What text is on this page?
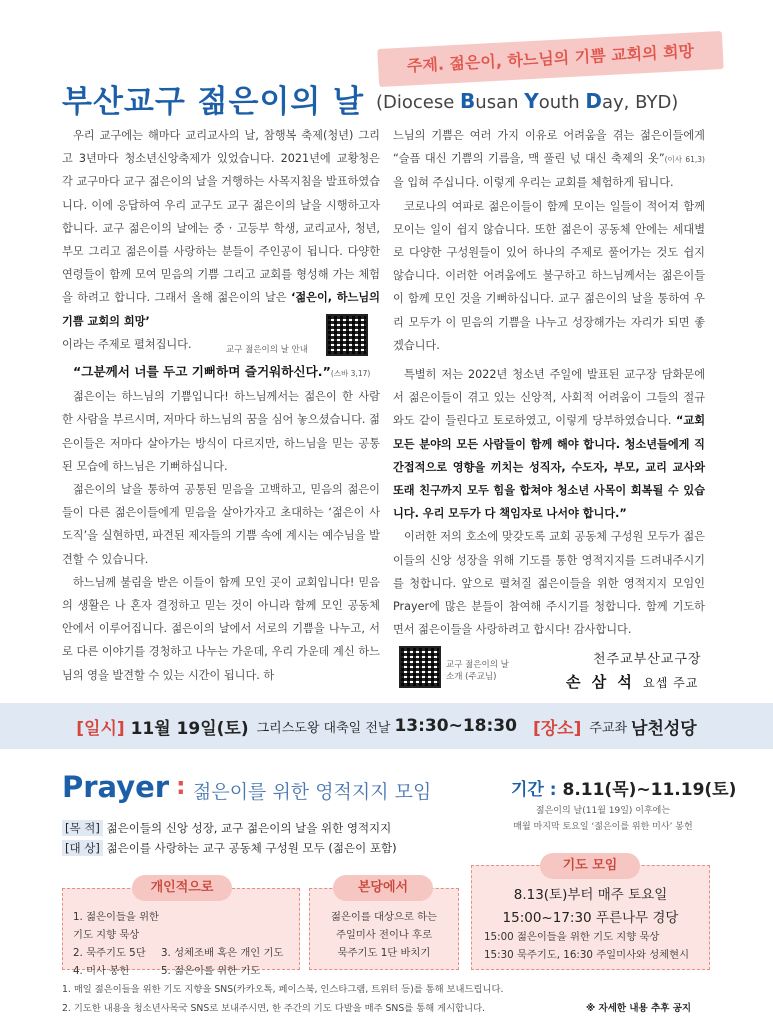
주제. 젊은이, 하느님의 기쁨 교회의 희망
부산교구 젊은이의 날 (Diocese Busan Youth Day, BYD)

우리 교구에는 해마다 교리교사의 날, 참행복 축제(청년) 그리고 3년마다 청소년신앙축제가 있었습니다. 2021년에 교황청은 각 교구마다 교구 젊은이의 날을 거행하는 사목지침을 발표하였습니다. 이에 응답하여 우리 교구도 교구 젊은이의 날을 시행하고자 합니다. 교구 젊은이의 날에는 중 · 고등부 학생, 교리교사, 청년, 부모 그리고 젊은이를 사랑하는 분들이 주인공이 됩니다. 다양한 연령들이 함께 모여 믿음의 기쁨 그리고 교회를 형성해 가는 체험을 하려고 합니다. 그래서 올해 젊은이의 날은 ‘젊은이, 하느님의 기쁨 교회의 희망’
이라는 주제로 펼쳐집니다.

“그분께서 너를 두고 기뻐하며 즐거워하신다.”(스바 3,17)

젊은이는 하느님의 기쁨입니다! 하느님께서는 젊은이 한 사람 한 사람을 부르시며, 저마다 하느님의 꿈을 심어 놓으셨습니다. 젊은이들은 저마다 살아가는 방식이 다르지만, 하느님을 믿는 공통된 모습에 하느님은 기뻐하십니다.

젊은이의 날을 통하여 공통된 믿음을 고백하고, 믿음의 젊은이들이 다른 젊은이들에게 믿음을 살아가자고 초대하는 ‘젊은이 사도직’을 실현하면, 파견된 제자들의 기쁨 속에 계시는 예수님을 발견할 수 있습니다.

하느님께 불림을 받은 이들이 함께 모인 곳이 교회입니다! 믿음의 생활은 나 혼자 결정하고 믿는 것이 아니라 함께 모인 공동체 안에서 이루어집니다. 젊은이의 날에서 서로의 기쁨을 나누고, 서로 다른 이야기를 경청하고 나누는 가운데, 우리 가운데 계신 하느님의 영을 발견할 수 있는 시간이 됩니다. 하

교구 젊은이의 날 안내

느님의 기쁨은 여러 가지 이유로 어려움을 겪는 젊은이들에게 “슬픔 대신 기쁨의 기름을, 맥 풀린 넋 대신 축제의 옷”(이사 61,3)을 입혀 주십니다. 이렇게 우리는 교회를 체험하게 됩니다.

코로나의 여파로 젊은이들이 함께 모이는 일들이 적어져 함께 모이는 일이 쉽지 않습니다. 또한 젊은이 공동체 안에는 세대별로 다양한 구성원들이 있어 하나의 주제로 풀어가는 것도 쉽지 않습니다. 이러한 어려움에도 불구하고 하느님께서는 젊은이들이 함께 모인 것을 기뻐하십니다. 교구 젊은이의 날을 통하여 우리 모두가 이 믿음의 기쁨을 나누고 성장해가는 자리가 되면 좋겠습니다.

특별히 저는 2022년 청소년 주일에 발표된 교구장 담화문에서 젊은이들이 겪고 있는 신앙적, 사회적 어려움이 그들의 절규와도 같이 들린다고 토로하였고, 이렇게 당부하였습니다. “교회 모든 분야의 모든 사람들이 함께 해야 합니다. 청소년들에게 직간접적으로 영향을 끼치는 성직자, 수도자, 부모, 교리 교사와 또래 친구까지 모두 힘을 합쳐야 청소년 사목이 회복될 수 있습니다. 우리 모두가 다 책임자로 나서야 합니다.”

이러한 저의 호소에 맞갖도록 교회 공동체 구성원 모두가 젊은이들의 신앙 성장을 위해 기도를 통한 영적지지를 드려내주시기를 청합니다. 앞으로 펼쳐질 젊은이들을 위한 영적지지 모임인 Prayer에 많은 분들이 참여해 주시기를 청합니다. 함께 기도하면서 젊은이들을 사랑하려고 합시다! 감사합니다.

교구 젊은이의 날
소개 (주교님)
천주교부산교구장
손 삼 석 요셉 주교
[일시]
11월 19일(토) 그리스도왕 대축일 전날 13:30~18:30 [장소] 주교좌 남천성당
Prayer : 젊은이를 위한 영적지지 모임	기간 : 8.11(목)~11.19(토)
젊은이의 날(11월 19일) 이후에는
매월 마지막 토요일 ‘젊은이를 위한 미사’ 봉헌
[목 적] 젊은이들의 신앙 성장, 교구 젊은이의 날을 위한 영적지지
[대 상] 젊은이를 사랑하는 교구 공동체 구성원 모두 (젊은이 포함)
개인적으로	본당에서
기도 모임
1. 젊은이들을 위한 기도 지향 묵상
2. 묵주기도 5단	3. 성체조배 혹은 개인 기도
4. 미사 봉헌	5. 젊은이를 위한 기도
젊은이를 대상으로 하는
주일미사 전이나 후로
묵주기도 1단 바치기
8.13(토)부터 매주 토요일
15:00~17:30 푸른나무 경당
15:00 젊은이들을 위한 기도 지향 묵상
15:30 묵주기도, 16:30 주일미사와 성체현시
1. 매일 젊은이들을 위한 기도 지향을 SNS(카카오톡, 페이스북, 인스타그램, 트위터 등)를 통해 보내드립니다.
2. 기도한 내용을 청소년사목국 SNS로 보내주시면, 한 주간의 기도 다발을 매주 SNS를 통해 게시합니다.	※ 자세한 내용 추후 공지
